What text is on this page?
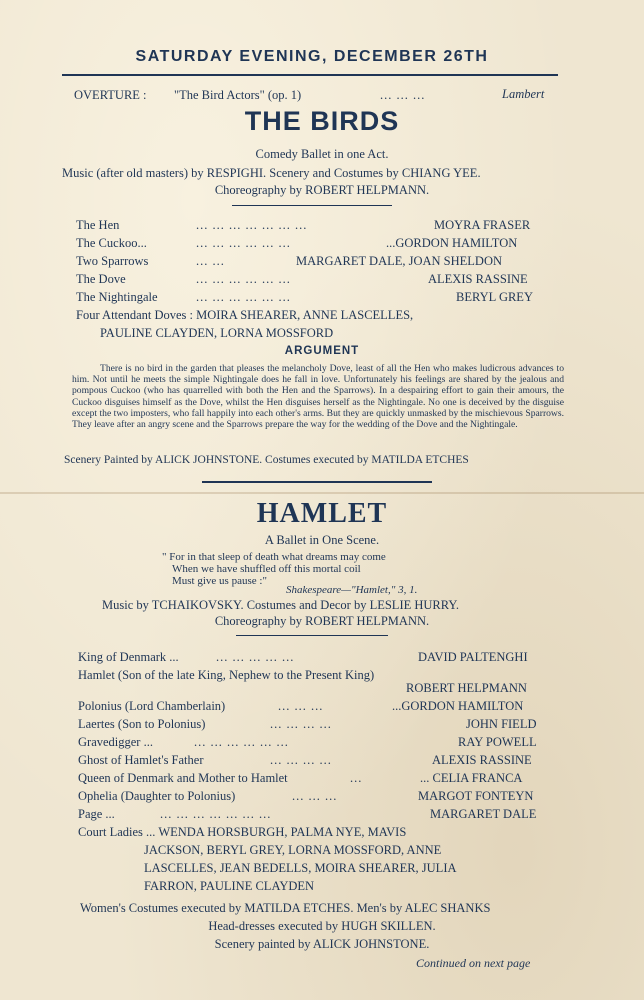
SATURDAY EVENING, DECEMBER 26TH
OVERTURE : "The Bird Actors" (op. 1)	... ... ...	Lambert
THE BIRDS
Comedy Ballet in one Act.
Music (after old masters) by RESPIGHI. Scenery and Costumes by CHIANG YEE.
Choreography by ROBERT HELPMANN.
The Hen	... ... ... ... ... ... ...	MOYRA FRASER
The Cuckoo...	... ... ... ... ... ...	...GORDON HAMILTON
Two Sparrows	... ...	MARGARET DALE, JOAN SHELDON
The Dove	... ... ... ... ... ...	ALEXIS RASSINE
The Nightingale	... ... ... ... ... ...	BERYL GREY
Four Attendant Doves : MOIRA SHEARER, ANNE LASCELLES,
PAULINE CLAYDEN, LORNA MOSSFORD
ARGUMENT
There is no bird in the garden that pleases the melancholy Dove, least of all the Hen who makes ludicrous advances to him. Not until he meets the simple Nightingale does he fall in love. Unfortunately his feelings are shared by the jealous and pompous Cuckoo (who has quarrelled with both the Hen and the Sparrows). In a despairing effort to gain their amours, the Cuckoo disguises himself as the Dove, whilst the Hen disguises herself as the Nightingale. No one is deceived by the disguise except the two imposters, who fall happily into each other's arms. But they are quickly unmasked by the mischievous Sparrows. They leave after an angry scene and the Sparrows prepare the way for the wedding of the Dove and the Nightingale.
Scenery Painted by ALICK JOHNSTONE. Costumes executed by MATILDA ETCHES
HAMLET
A Ballet in One Scene.
" For in that sleep of death what dreams may come
When we have shuffled off this mortal coil
Must give us pause :"
Shakespeare—"Hamlet," 3, 1.
Music by TCHAIKOVSKY. Costumes and Decor by LESLIE HURRY.
Choreography by ROBERT HELPMANN.
King of Denmark ...	... ... ... ... ...	DAVID PALTENGHI
Hamlet (Son of the late King, Nephew to the Present King)
ROBERT HELPMANN
Polonius (Lord Chamberlain)	... ... ...	...GORDON HAMILTON
Laertes (Son to Polonius)	... ... ... ...	JOHN FIELD
Gravedigger ...	... ... ... ... ... ...	RAY POWELL
Ghost of Hamlet's Father	... ... ... ...	ALEXIS RASSINE
Queen of Denmark and Mother to Hamlet	...	... CELIA FRANCA
Ophelia (Daughter to Polonius)	... ... ...	MARGOT FONTEYN
Page ...	... ... ... ... ... ... ...	MARGARET DALE
Court Ladies ... WENDA HORSBURGH, PALMA NYE, MAVIS
JACKSON, BERYL GREY, LORNA MOSSFORD, ANNE
LASCELLES, JEAN BEDELLS, MOIRA SHEARER, JULIA
FARRON, PAULINE CLAYDEN
Women's Costumes executed by MATILDA ETCHES. Men's by ALEC SHANKS
Head-dresses executed by HUGH SKILLEN.
Scenery painted by ALICK JOHNSTONE.
Continued on next page
